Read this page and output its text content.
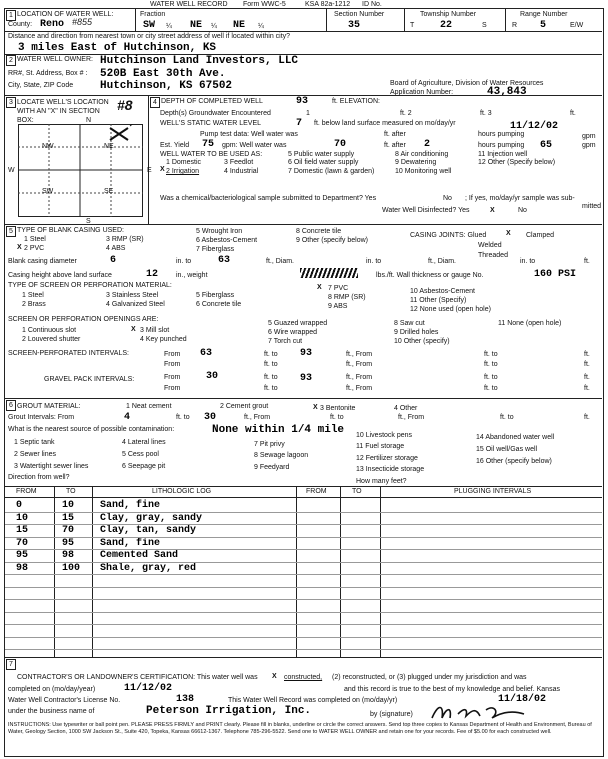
WATER WELL RECORD Form WWC-5	KSA 82a-1212 ID No.
1 LOCATION OF WATER WELL:
County: Reno #855
Fraction
SW ¼ NE ¼ NE ¼
Section Number
35
Township Number
T	22	S
Range Number
R 5	E/W
Distance and direction from nearest town or city street address of well if located within city?
3 miles East of Hutchinson, KS
2 WATER WELL OWNER: Hutchinson Land Investors, LLC
RR#, St. Address, Box # : 520B East 30th Ave.
City, State, ZIP Code Hutchinson, KS 67502	Board of Agriculture, Division of Water Resources
Application Number:	43,843
3 LOCATE WELL'S LOCATION WITH AN "X" IN SECTION BOX:
#8
N
S
W	E
NW	NE
SW	SE
4 DEPTH OF COMPLETED WELL	93	ft. ELEVATION:
Depth(s) Groundwater Encountered	1	ft. 2	ft. 3	ft.
WELL'S STATIC WATER LEVEL	7 ft. below land surface measured on mo/day/yr	11/12/02
Pump test data: Well water was	ft. after	hours pumping	gpm
Est. Yield 75 gpm: Well water was	70	ft. after 2	hours pumping 65	gpm
WELL WATER TO BE USED AS:
1 Domestic
2 Irrigation
X
3 Feedlot
4 Industrial
5 Public water supply
6 Oil field water supply
7 Domestic (lawn & garden)
8 Air conditioning
9 Dewatering
10 Monitoring well
11 Injection well
12 Other (Specify below)
Was a chemical/bacteriological sample submitted to Department? Yes	No ; If yes, mo/day/yr sample was sub-
mitted
Water Well Disinfected? Yes	X	No
5 TYPE OF BLANK CASING USED:
1 Steel
2 PVC
X
3 RMP (SR)
4 ABS
5 Wrought Iron
6 Asbestos-Cement
7 Fiberglass
8 Concrete tile
9 Other (specify below)
CASING JOINTS: Glued	X Clamped
Welded
Threaded
Blank casing diameter	6	in. to	63	ft., Diam.	in. to	ft., Diam.	in. to	ft.
Casing height above land surface	12	in., weight	lbs./ft. Wall thickness or gauge No.	160 PSI
TYPE OF SCREEN OR PERFORATION MATERIAL:
1 Steel
2 Brass
3 Stainless Steel
4 Galvanized Steel
5 Fiberglass
6 Concrete tile
7 PVC
X
8 RMP (SR)
9 ABS
10 Asbestos-Cement
11 Other (Specify)
12 None used (open hole)
SCREEN OR PERFORATION OPENINGS ARE:
1 Continuous slot
2 Louvered shutter
3 Mill slot
X
4 Key punched
5 Guazed wrapped
6 Wire wrapped
7 Torch cut
8 Saw cut
9 Drilled holes
10 Other (specify)
11 None (open hole)
SCREEN-PERFORATED INTERVALS:	From 63	ft. to 93	ft., From	ft. to	ft.
From	ft. to	ft., From	ft. to	ft.
GRAVEL PACK INTERVALS:	From	30	ft. to 93	ft., From	ft. to	ft.
From	ft. to	ft., From	ft. to	ft.
6 GROUT MATERIAL:	1 Neat cement	2 Cement grout	3 Bentonite
X	4 Other
Grout Intervals: From	4	ft. to 30	ft., From	ft. to	ft., From	ft. to	ft.
What is the nearest source of possible contamination:	None within 1/4 mile
1 Septic tank
2 Sewer lines
3 Watertight sewer lines
4 Lateral lines
5 Cess pool
6 Seepage pit
7 Pit privy
8 Sewage lagoon
9 Feedyard
10 Livestock pens
11 Fuel storage
12 Fertilizer storage
13 Insecticide storage
14 Abandoned water well
15 Oil well/Gas well
16 Other (specify below)
Direction from well?
How many feet?
FROM	TO	LITHOLOGIC LOG	FROM	TO	PLUGGING INTERVALS
0	10	Sand, fine
10	15	Clay, gray, sandy
15	70	Clay, tan, sandy
70	95	Sand, fine
95	98	Cemented Sand
98	100 Shale, gray, red
7
CONTRACTOR'S OR LANDOWNER'S CERTIFICATION: This water well was X constructed, (2) reconstructed, or (3) plugged under my jurisdiction and was
completed on (mo/day/year)	11/12/02	and this record is true to the best of my knowledge and belief. Kansas
Water Well Contractor's License No.	138	This Water Well Record was completed on (mo/day/yr)	11/18/02
under the business name of	Peterson Irrigation, Inc.	by (signature)
INSTRUCTIONS: Use typewriter or ball point pen. PLEASE PRESS FIRMLY and PRINT clearly. Please fill in blanks, underline or circle the correct answers. Send top three copies to Kansas Department of Health and Environment, Bureau of Water, Geology Section, 1000 SW Jackson St., Suite 420, Topeka, Kansas 66612-1367. Telephone 785-296-5522. Send one to WATER WELL OWNER and retain one for your records. Fee of $5.00 for each constructed well.
